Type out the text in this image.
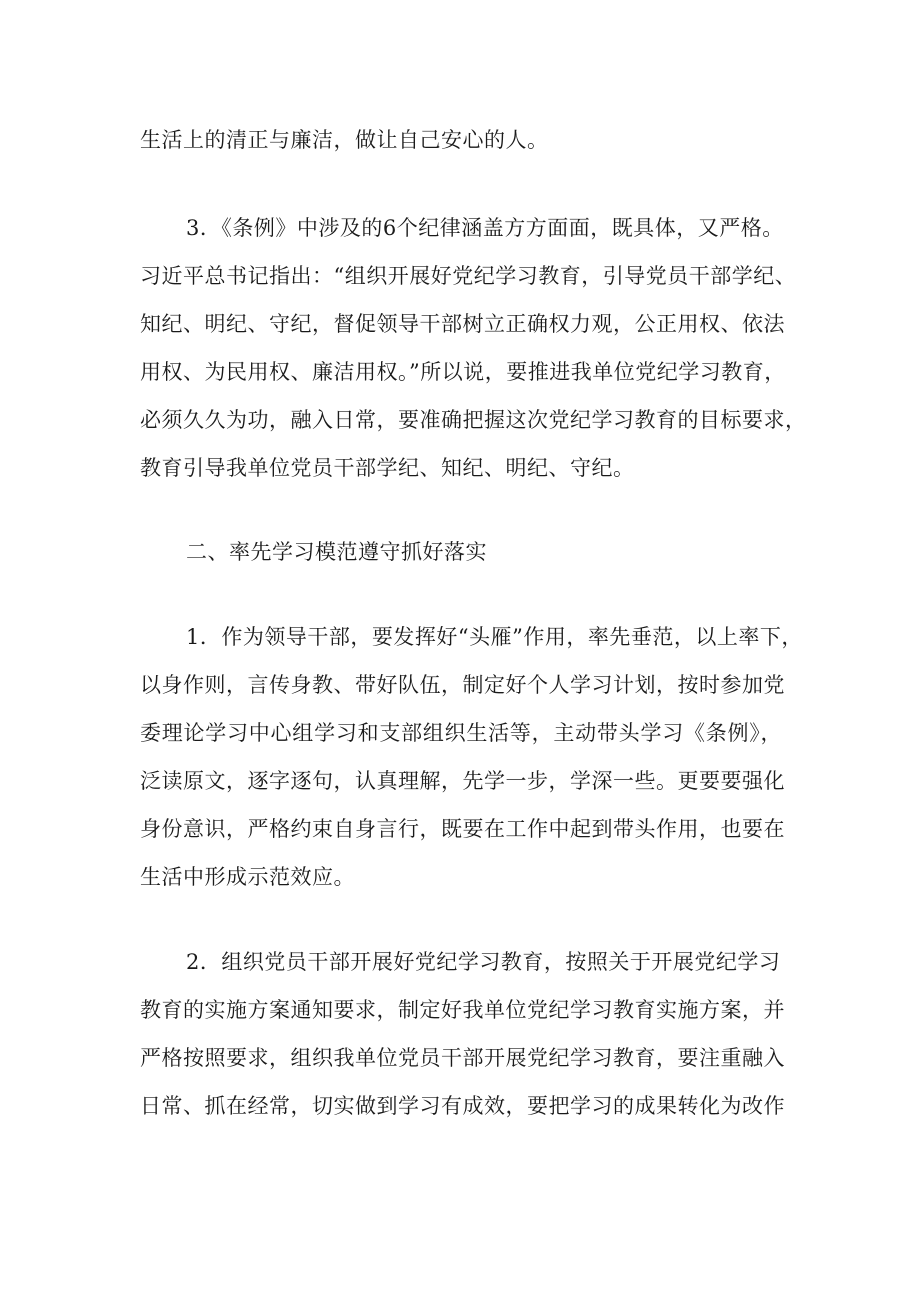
生活上的清正与廉洁，做让自己安心的人。
3．《条例》中涉及的6个纪律涵盖方方面面，既具体，又严格。
习近平总书记指出：“组织开展好党纪学习教育，引导党员干部学纪、
知纪、明纪、守纪，督促领导干部树立正确权力观，公正用权、依法
用权、为民用权、廉洁用权。”所以说，要推进我单位党纪学习教育，
必须久久为功，融入日常，要准确把握这次党纪学习教育的目标要求，
教育引导我单位党员干部学纪、知纪、明纪、守纪。
二、率先学习模范遵守抓好落实
1．作为领导干部，要发挥好“头雁”作用，率先垂范，以上率下，
以身作则，言传身教、带好队伍，制定好个人学习计划，按时参加党
委理论学习中心组学习和支部组织生活等，主动带头学习《条例》，
泛读原文，逐字逐句，认真理解，先学一步，学深一些。更要要强化
身份意识，严格约束自身言行，既要在工作中起到带头作用，也要在
生活中形成示范效应。
2．组织党员干部开展好党纪学习教育，按照关于开展党纪学习
教育的实施方案通知要求，制定好我单位党纪学习教育实施方案，并
严格按照要求，组织我单位党员干部开展党纪学习教育，要注重融入
日常、抓在经常，切实做到学习有成效，要把学习的成果转化为改作
